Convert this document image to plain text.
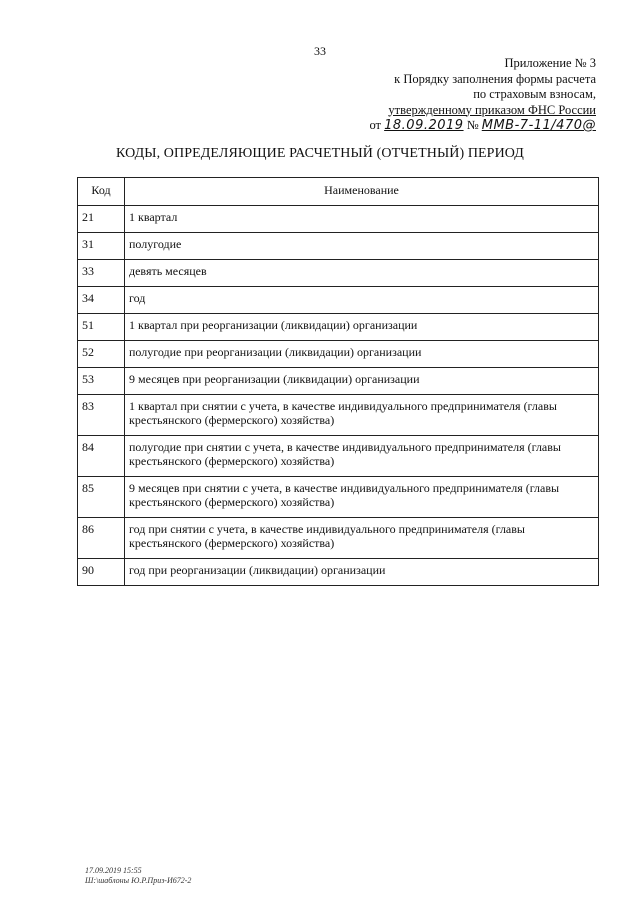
33
Приложение № 3
к Порядку заполнения формы расчета
по страховым взносам,
утвержденному приказом ФНС России
от 18.09.2019 № ММВ-7-11/470@
КОДЫ, ОПРЕДЕЛЯЮЩИЕ РАСЧЕТНЫЙ (ОТЧЕТНЫЙ) ПЕРИОД
Код	Наименование
21	1 квартал
31	полугодие
33	девять месяцев
34	год
51	1 квартал при реорганизации (ликвидации) организации
52	полугодие при реорганизации (ликвидации) организации
53	9 месяцев при реорганизации (ликвидации) организации
83	1 квартал при снятии с учета, в качестве индивидуального предпринимателя (главы крестьянского (фермерского) хозяйства)
84	полугодие при снятии с учета, в качестве индивидуального предпринимателя (главы крестьянского (фермерского) хозяйства)
85	9 месяцев при снятии с учета, в качестве индивидуального предпринимателя (главы крестьянского (фермерского) хозяйства)
86	год при снятии с учета, в качестве индивидуального предпринимателя (главы крестьянского (фермерского) хозяйства)
90	год при реорганизации (ликвидации) организации
17.09.2019 15:55
Ш:\шаблоны Ю.Р.Приз-И672-2
